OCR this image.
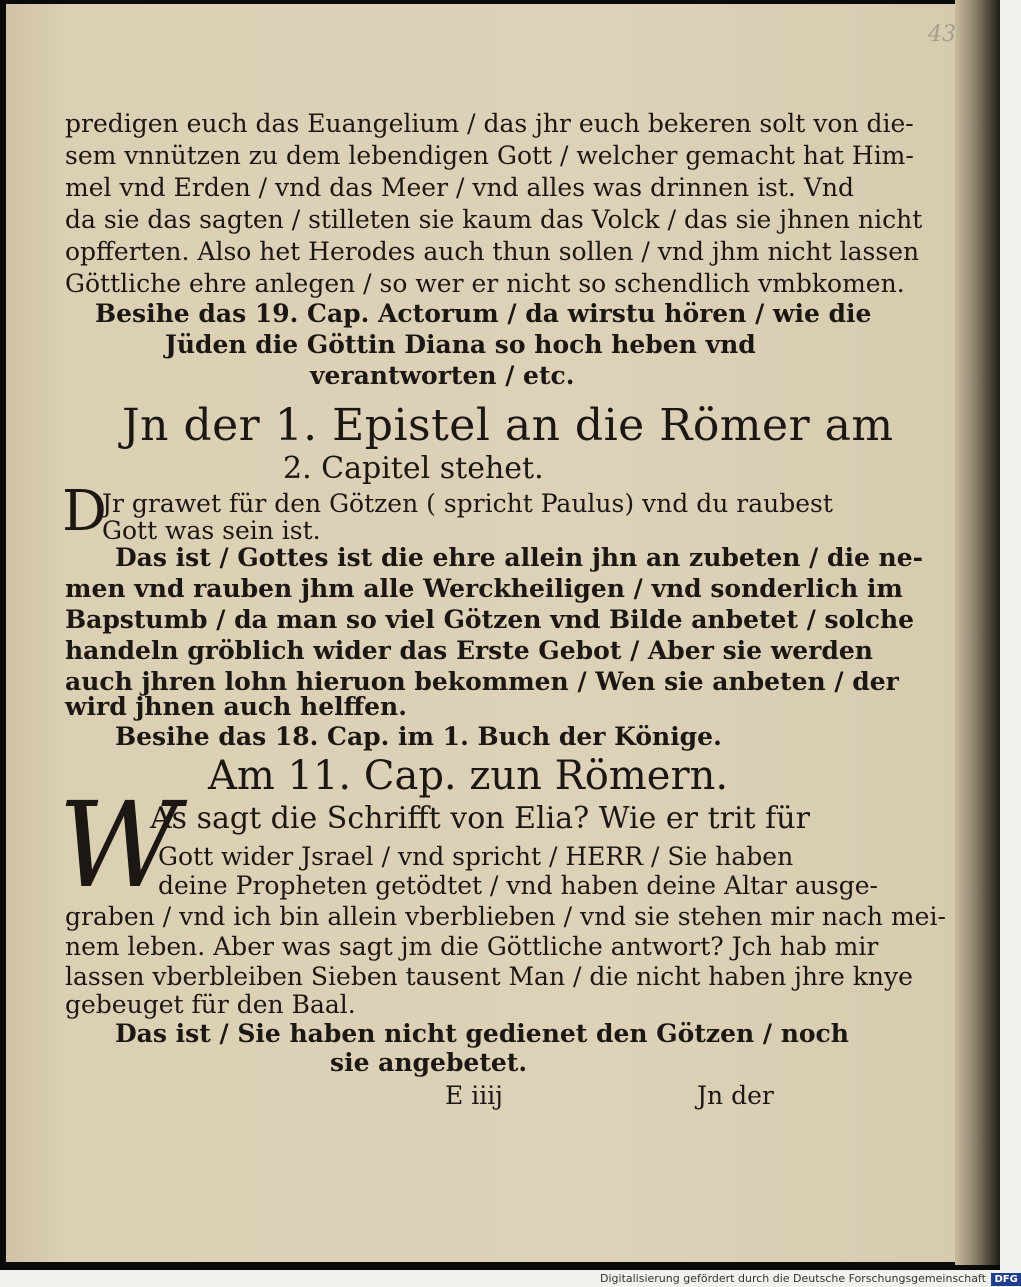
43
predigen euch das Euangelium / das jhr euch bekeren solt von die-
sem vnnützen zu dem lebendigen Gott / welcher gemacht hat Him-
mel vnd Erden / vnd das Meer / vnd alles was drinnen ist. Vnd
da sie das sagten / stilleten sie kaum das Volck / das sie jhnen nicht
opfferten. Also het Herodes auch thun sollen / vnd jhm nicht lassen
Göttliche ehre anlegen / so wer er nicht so schendlich vmbkomen.
Besihe das 19. Cap. Actorum / da wirstu hören / wie die
Jüden die Göttin Diana so hoch heben vnd
verantworten / etc.
Jn der 1. Epistel an die Römer am
2. Capitel stehet.
D
Jr grawet für den Götzen ( spricht Paulus) vnd du raubest
Gott was sein ist.
Das ist / Gottes ist die ehre allein jhn an zubeten / die ne-
men vnd rauben jhm alle Werckheiligen / vnd sonderlich im
Bapstumb / da man so viel Götzen vnd Bilde anbetet / solche
handeln gröblich wider das Erste Gebot / Aber sie werden
auch jhren lohn hieruon bekommen / Wen sie anbeten / der
wird jhnen auch helffen.
Besihe das 18. Cap. im 1. Buch der Könige.
Am 11. Cap. zun Römern.
W
As sagt die Schrifft von Elia? Wie er trit für
Gott wider Jsrael / vnd spricht / HERR / Sie haben
deine Propheten getödtet / vnd haben deine Altar ausge-
graben / vnd ich bin allein vberblieben / vnd sie stehen mir nach mei-
nem leben. Aber was sagt jm die Göttliche antwort? Jch hab mir
lassen vberbleiben Sieben tausent Man / die nicht haben jhre knye
gebeuget für den Baal.
Das ist / Sie haben nicht gedienet den Götzen / noch
sie angebetet.
E iiij	Jn der
Digitalisierung gefördert durch die Deutsche Forschungsgemeinschaft DFG
